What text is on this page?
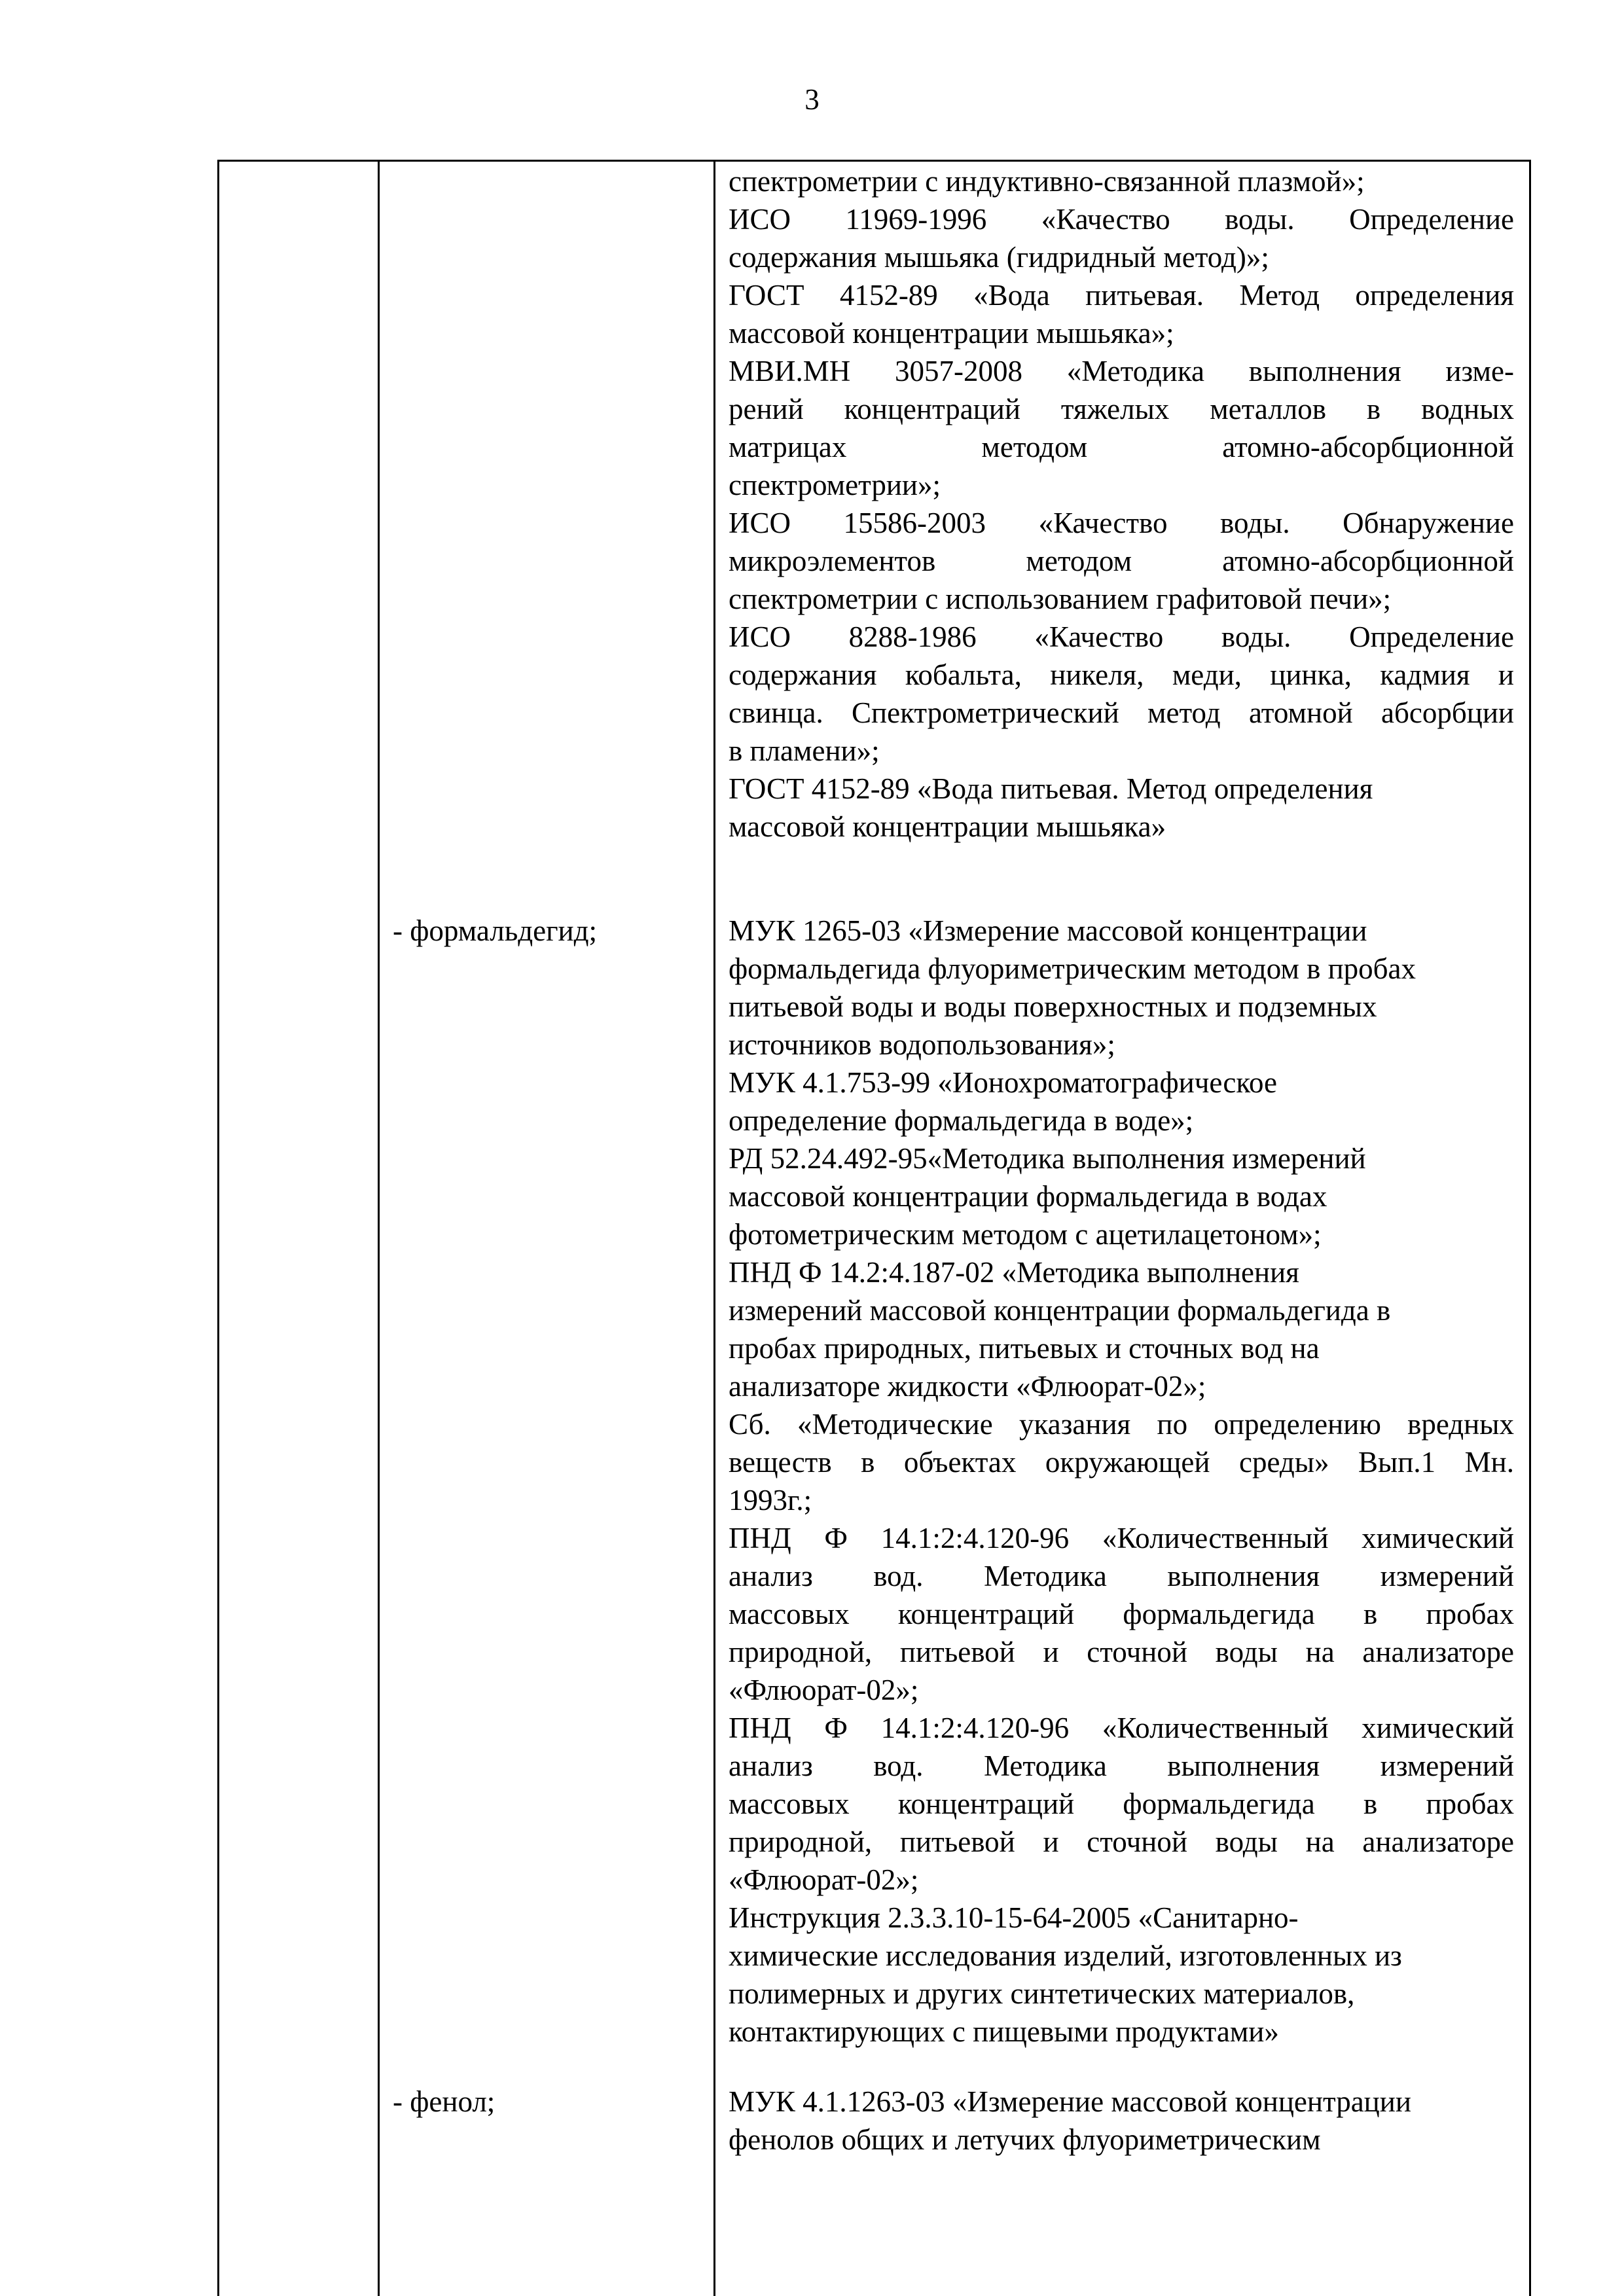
3
- формальдегид;
- фенол;
спектрометрии с индуктивно-связанной плазмой»;
ИСО 11969-1996 «Качество воды. Определение
содержания мышьяка (гидридный метод)»;
ГОСТ 4152-89 «Вода питьевая. Метод определения
массовой концентрации мышьяка»;
МВИ.МН 3057-2008 «Методика выполнения изме-
рений концентраций тяжелых металлов в водных
матрицах методом атомно-абсорбционной
спектрометрии»;
ИСО 15586-2003 «Качество воды. Обнаружение
микроэлементов методом атомно-абсорбционной
спектрометрии с использованием графитовой печи»;
ИСО 8288-1986 «Качество воды. Определение
содержания кобальта, никеля, меди, цинка, кадмия и
свинца. Спектрометрический метод атомной абсорбции
в пламени»;
ГОСТ 4152-89 «Вода питьевая. Метод определения
массовой концентрации мышьяка»
МУК 1265-03 «Измерение массовой концентрации
формальдегида флуориметрическим методом в пробах
питьевой воды и воды поверхностных и подземных
источников водопользования»;
МУК 4.1.753-99 «Ионохроматографическое
определение формальдегида в воде»;
РД 52.24.492-95«Методика выполнения измерений
массовой концентрации формальдегида в водах
фотометрическим методом с ацетилацетоном»;
ПНД Ф 14.2:4.187-02 «Методика выполнения
измерений массовой концентрации формальдегида в
пробах природных, питьевых и сточных вод на
анализаторе жидкости «Флюорат-02»;
Сб. «Методические указания по определению вредных
веществ в объектах окружающей среды» Вып.1 Мн.
1993г.;
ПНД Ф 14.1:2:4.120-96 «Количественный химический
анализ вод. Методика выполнения измерений
массовых концентраций формальдегида в пробах
природной, питьевой и сточной воды на анализаторе
«Флюорат-02»;
ПНД Ф 14.1:2:4.120-96 «Количественный химический
анализ вод. Методика выполнения измерений
массовых концентраций формальдегида в пробах
природной, питьевой и сточной воды на анализаторе
«Флюорат-02»;
Инструкция 2.3.3.10-15-64-2005 «Санитарно-
химические исследования изделий, изготовленных из
полимерных и других синтетических материалов,
контактирующих с пищевыми продуктами»
МУК 4.1.1263-03 «Измерение массовой концентрации
фенолов общих и летучих флуориметрическим
